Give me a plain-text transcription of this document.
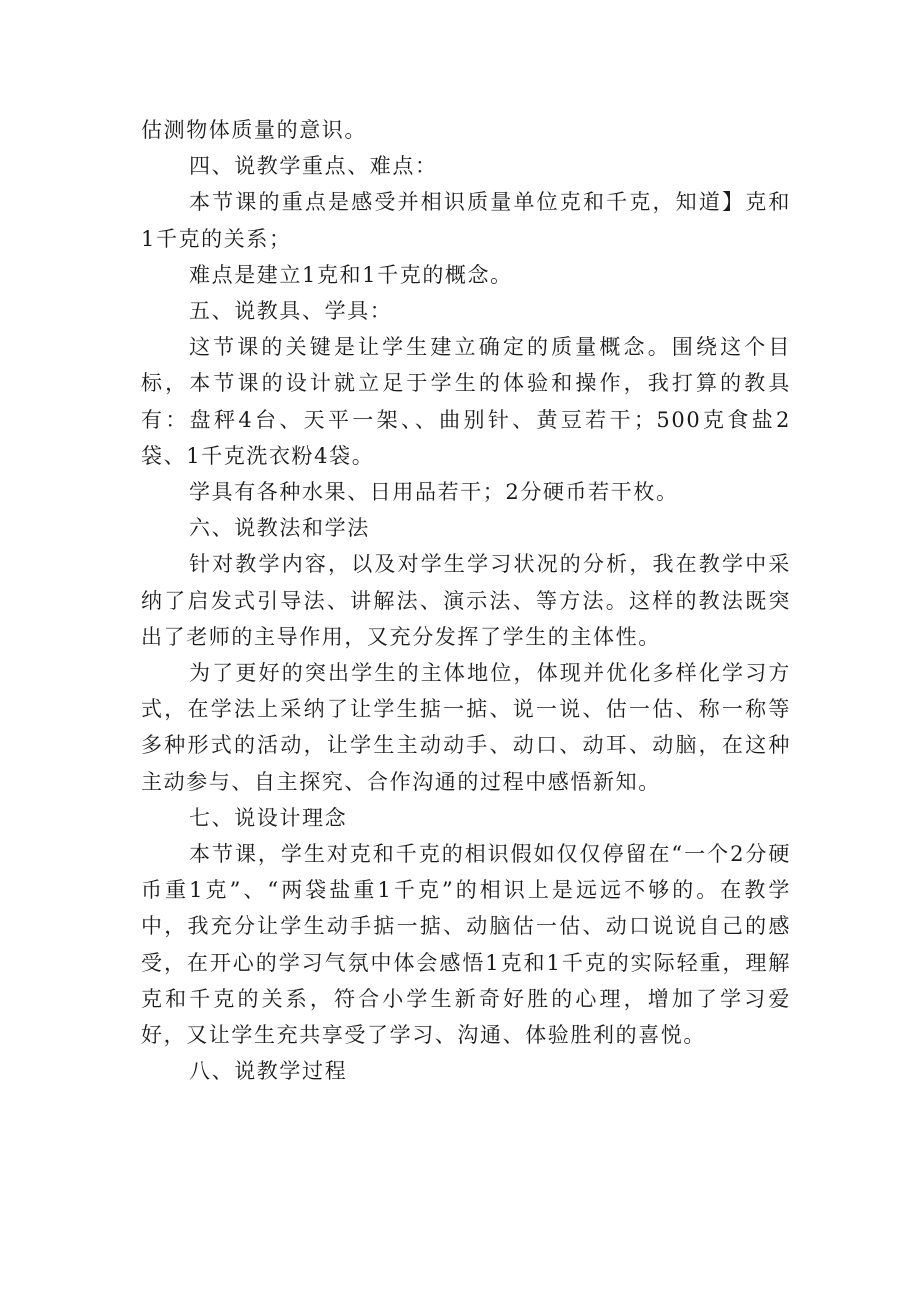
估测物体质量的意识。

四、说教学重点、难点：

本节课的重点是感受并相识质量单位克和千克，知道】克和1千克的关系；

难点是建立1克和1千克的概念。

五、说教具、学具：

这节课的关键是让学生建立确定的质量概念。围绕这个目标，本节课的设计就立足于学生的体验和操作，我打算的教具有：盘秤4台、天平一架、、曲别针、黄豆若干；500克食盐2袋、1千克洗衣粉4袋。

学具有各种水果、日用品若干；2分硬币若干枚。

六、说教法和学法

针对教学内容，以及对学生学习状况的分析，我在教学中采纳了启发式引导法、讲解法、演示法、等方法。这样的教法既突出了老师的主导作用，又充分发挥了学生的主体性。

为了更好的突出学生的主体地位，体现并优化多样化学习方式，在学法上采纳了让学生掂一掂、说一说、估一估、称一称等多种形式的活动，让学生主动动手、动口、动耳、动脑，在这种主动参与、自主探究、合作沟通的过程中感悟新知。

七、说设计理念

本节课，学生对克和千克的相识假如仅仅停留在“一个2分硬币重1克”、“两袋盐重1千克”的相识上是远远不够的。在教学中，我充分让学生动手掂一掂、动脑估一估、动口说说自己的感受，在开心的学习气氛中体会感悟1克和1千克的实际轻重，理解克和千克的关系，符合小学生新奇好胜的心理，增加了学习爱好，又让学生充共享受了学习、沟通、体验胜利的喜悦。

八、说教学过程
